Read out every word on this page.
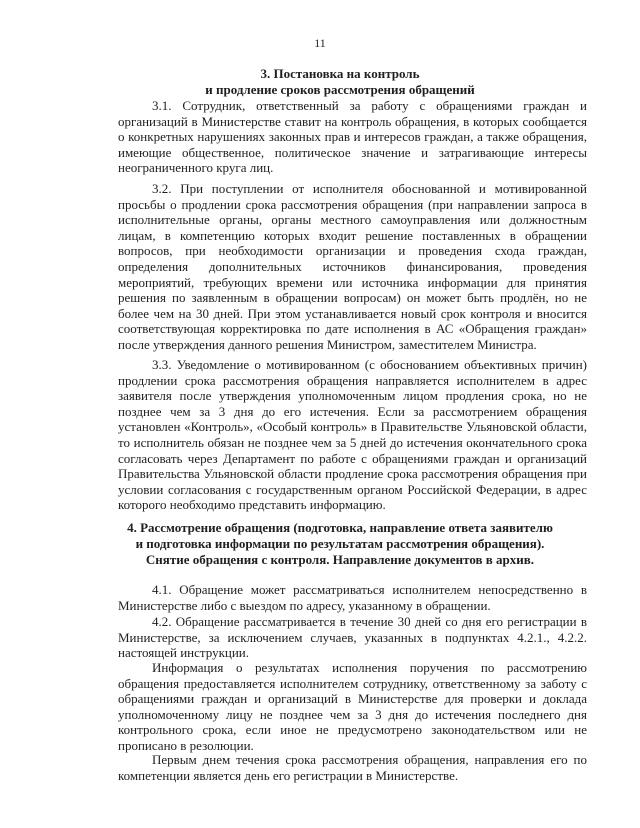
11
3. Постановка на контроль
и продление сроков рассмотрения обращений

3.1. Сотрудник, ответственный за работу с обращениями граждан и организаций в Министерстве ставит на контроль обращения, в которых сообщается о конкретных нарушениях законных прав и интересов граждан, а также обращения, имеющие общественное, политическое значение и затрагивающие интересы неограниченного круга лиц.

3.2. При поступлении от исполнителя обоснованной и мотивированной просьбы о продлении срока рассмотрения обращения (при направлении запроса в исполнительные органы, органы местного самоуправления или должностным лицам, в компетенцию которых входит решение поставленных в обращении вопросов, при необходимости организации и проведения схода граждан, определения дополнительных источников финансирования, проведения мероприятий, требующих времени или источника информации для принятия решения по заявленным в обращении вопросам) он может быть продлён, но не более чем на 30 дней. При этом устанавливается новый срок контроля и вносится соответствующая корректировка по дате исполнения в АС «Обращения граждан» после утверждения данного решения Министром, заместителем Министра.

3.3. Уведомление о мотивированном (с обоснованием объективных причин) продлении срока рассмотрения обращения направляется исполнителем в адрес заявителя после утверждения уполномоченным лицом продления срока, но не позднее чем за 3 дня до его истечения. Если за рассмотрением обращения установлен «Контроль», «Особый контроль» в Правительстве Ульяновской области, то исполнитель обязан не позднее чем за 5 дней до истечения окончательного срока согласовать через Департамент по работе с обращениями граждан и организаций Правительства Ульяновской области продление срока рассмотрения обращения при условии согласования с государственным органом Российской Федерации, в адрес которого необходимо представить информацию.

4. Рассмотрение обращения (подготовка, направление ответа заявителю
и подготовка информации по результатам рассмотрения обращения).
Снятие обращения с контроля. Направление документов в архив.

4.1. Обращение может рассматриваться исполнителем непосредственно в Министерстве либо с выездом по адресу, указанному в обращении.

4.2. Обращение рассматривается в течение 30 дней со дня его регистрации в Министерстве, за исключением случаев, указанных в подпунктах 4.2.1., 4.2.2. настоящей инструкции.

Информация о результатах исполнения поручения по рассмотрению обращения предоставляется исполнителем сотруднику, ответственному за заботу с обращениями граждан и организаций в Министерстве для проверки и доклада уполномоченному лицу не позднее чем за 3 дня до истечения последнего дня контрольного срока, если иное не предусмотрено законодательством или не прописано в резолюции.

Первым днем течения срока рассмотрения обращения, направления его по компетенции является день его регистрации в Министерстве.
